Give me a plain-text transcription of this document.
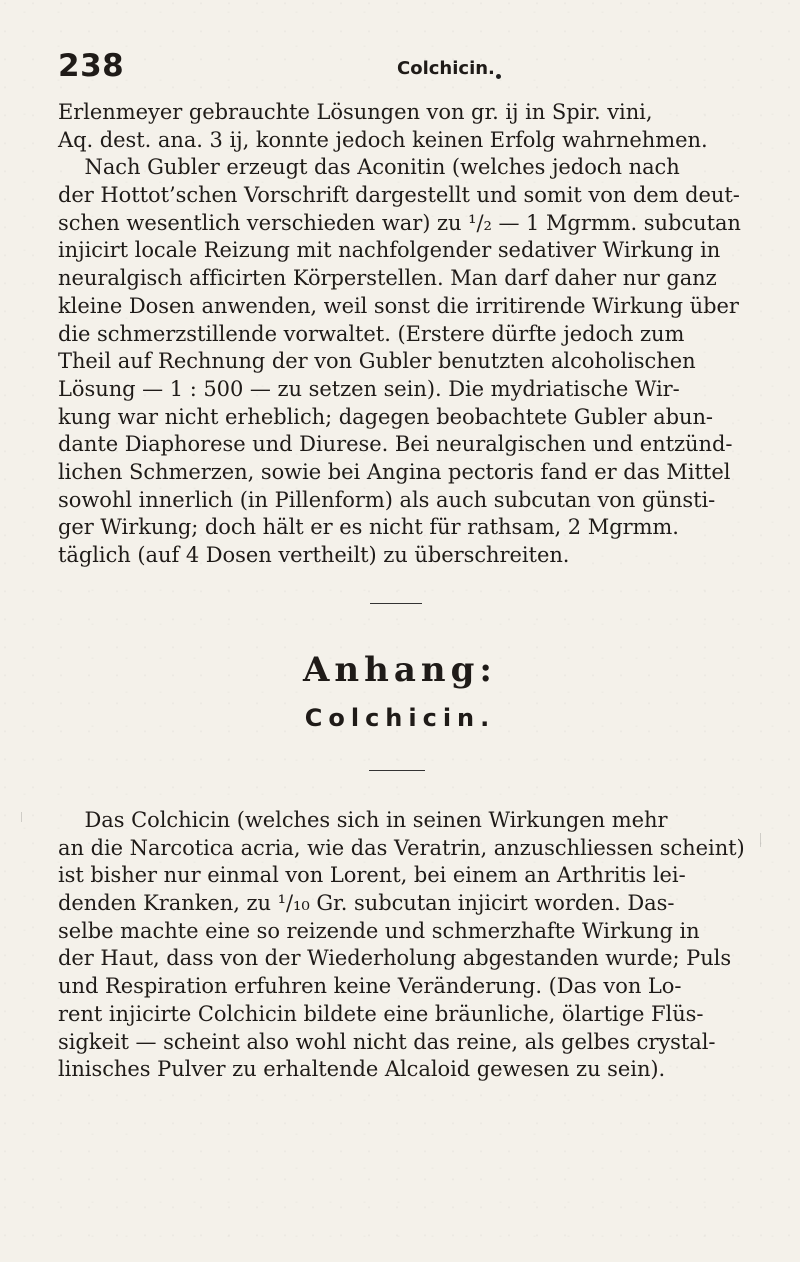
238	Colchicin.
Erlenmeyer gebrauchte Lösungen von gr. ij in Spir. vini,
Aq. dest. ana. 3 ij, konnte jedoch keinen Erfolg wahrnehmen.
Nach Gubler erzeugt das Aconitin (welches jedoch nach
der Hottot’schen Vorschrift dargestellt und somit von dem deut-
schen wesentlich verschieden war) zu ¹/₂ — 1 Mgrmm. subcutan
injicirt locale Reizung mit nachfolgender sedativer Wirkung in
neuralgisch afficirten Körperstellen. Man darf daher nur ganz
kleine Dosen anwenden, weil sonst die irritirende Wirkung über
die schmerzstillende vorwaltet. (Erstere dürfte jedoch zum
Theil auf Rechnung der von Gubler benutzten alcoholischen
Lösung — 1 : 500 — zu setzen sein). Die mydriatische Wir-
kung war nicht erheblich; dagegen beobachtete Gubler abun-
dante Diaphorese und Diurese. Bei neuralgischen und entzünd-
lichen Schmerzen, sowie bei Angina pectoris fand er das Mittel
sowohl innerlich (in Pillenform) als auch subcutan von günsti-
ger Wirkung; doch hält er es nicht für rathsam, 2 Mgrmm.
täglich (auf 4 Dosen vertheilt) zu überschreiten.
Anhang:
Colchicin.
Das Colchicin (welches sich in seinen Wirkungen mehr
an die Narcotica acria, wie das Veratrin, anzuschliessen scheint)
ist bisher nur einmal von Lorent, bei einem an Arthritis lei-
denden Kranken, zu ¹/₁₀ Gr. subcutan injicirt worden. Das-
selbe machte eine so reizende und schmerzhafte Wirkung in
der Haut, dass von der Wiederholung abgestanden wurde; Puls
und Respiration erfuhren keine Veränderung. (Das von Lo-
rent injicirte Colchicin bildete eine bräunliche, ölartige Flüs-
sigkeit — scheint also wohl nicht das reine, als gelbes crystal-
linisches Pulver zu erhaltende Alcaloid gewesen zu sein).
